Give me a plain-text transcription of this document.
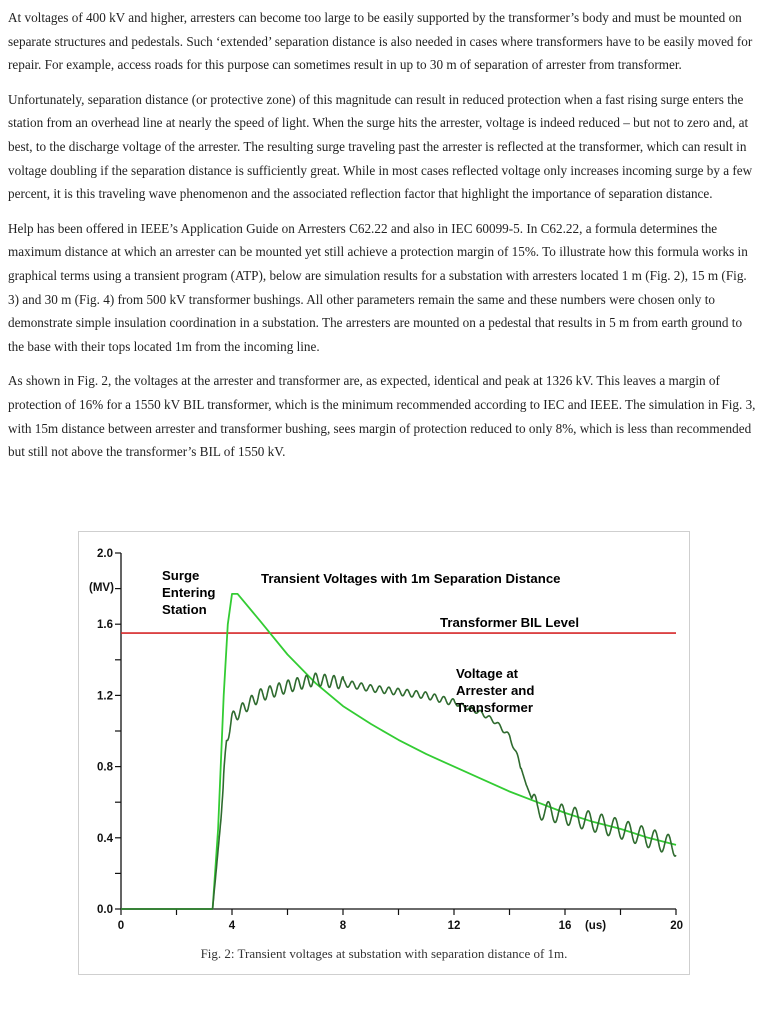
At voltages of 400 kV and higher, arresters can become too large to be easily supported by the transformer’s body and must be mounted on separate structures and pedestals. Such ‘extended’ separation distance is also needed in cases where transformers have to be easily moved for repair. For example, access roads for this purpose can sometimes result in up to 30 m of separation of arrester from transformer.

Unfortunately, separation distance (or protective zone) of this magnitude can result in reduced protection when a fast rising surge enters the station from an overhead line at nearly the speed of light. When the surge hits the arrester, voltage is indeed reduced – but not to zero and, at best, to the discharge voltage of the arrester. The resulting surge traveling past the arrester is reflected at the transformer, which can result in voltage doubling if the separation distance is sufficiently great. While in most cases reflected voltage only increases incoming surge by a few percent, it is this traveling wave phenomenon and the associated reflection factor that highlight the importance of separation distance.

Help has been offered in IEEE’s Application Guide on Arresters C62.22 and also in IEC 60099-5. In C62.22, a formula determines the maximum distance at which an arrester can be mounted yet still achieve a protection margin of 15%. To illustrate how this formula works in graphical terms using a transient program (ATP), below are simulation results for a substation with arresters located 1 m (Fig. 2), 15 m (Fig. 3) and 30 m (Fig. 4) from 500 kV transformer bushings. All other parameters remain the same and these numbers were chosen only to demonstrate simple insulation coordination in a substation. The arresters are mounted on a pedestal that results in 5 m from earth ground to the base with their tops located 1m from the incoming line.

As shown in Fig. 2, the voltages at the arrester and transformer are, as expected, identical and peak at 1326 kV. This leaves a margin of protection of 16% for a 1550 kV BIL transformer, which is the minimum recommended according to IEC and IEEE. The simulation in Fig. 3, with 15m distance between arrester and transformer bushing, sees margin of protection reduced to only 8%, which is less than recommended but still not above the transformer’s BIL of 1550 kV.

0.0
0.4
0.8
1.2
1.6
2.0
0	4	8	12	16	20
(MV)
(us)
Transient Voltages with 1m Separation Distance
Transformer BIL Level
Surge
Entering
Station
Voltage at
Arrester and
Transformer
Fig. 2: Transient voltages at substation with separation distance of 1m.
